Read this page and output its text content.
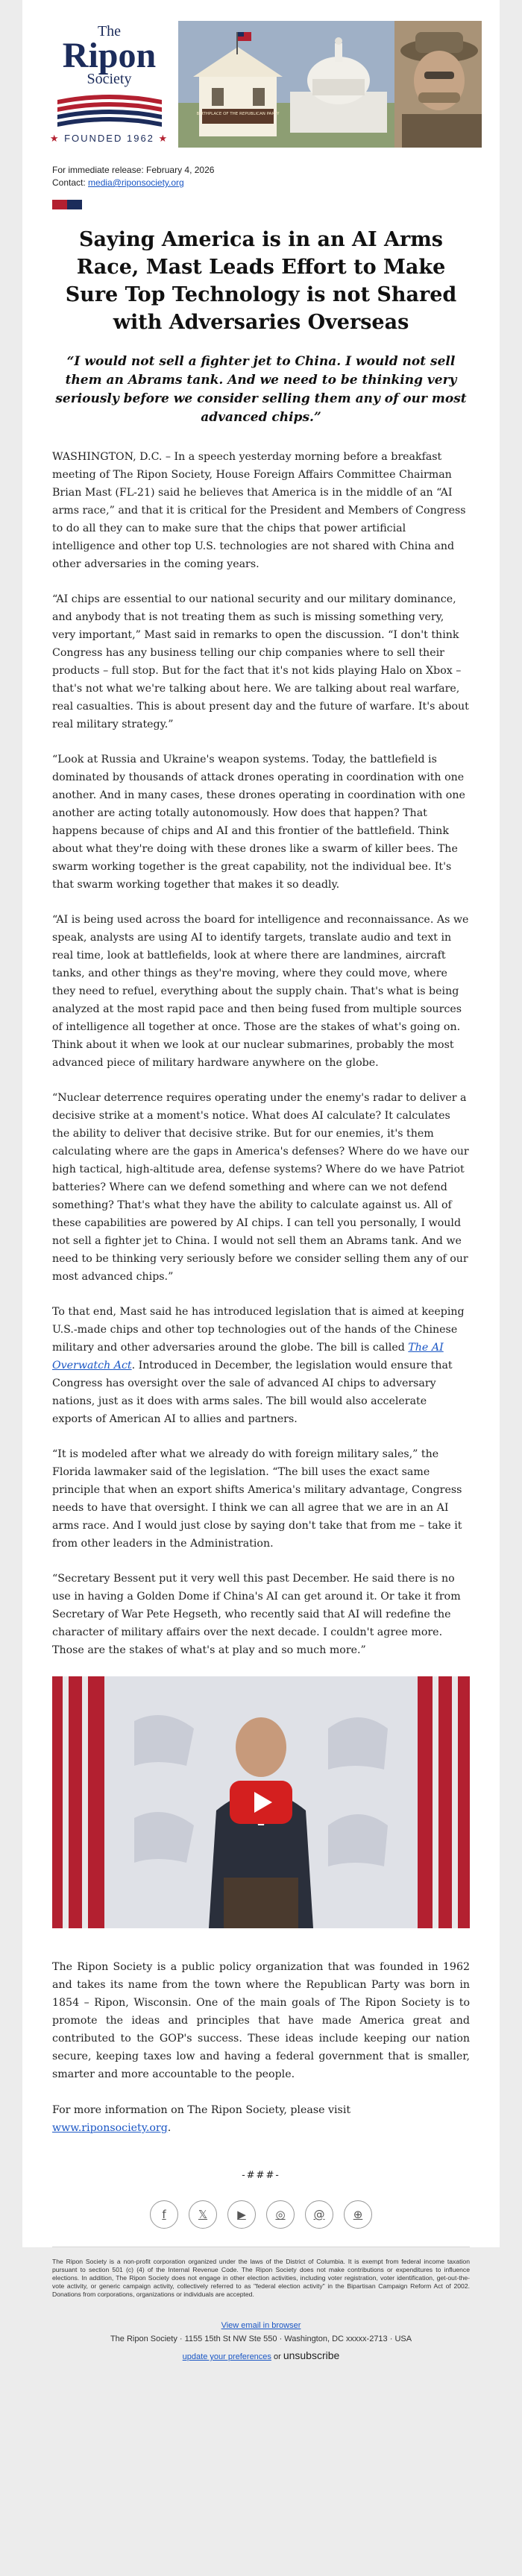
The
Ripon
Society
★ FOUNDED 1962 ★
BIRTHPLACE OF THE REPUBLICAN PARTY
For immediate release: February 4, 2026
Contact: media@riponsociety.org
Saying America is in an AI Arms Race, Mast Leads Effort to Make Sure Top Technology is not Shared with Adversaries Overseas
“I would not sell a fighter jet to China. I would not sell them an Abrams tank. And we need to be thinking very seriously before we consider selling them any of our most advanced chips.”

WASHINGTON, D.C. – In a speech yesterday morning before a breakfast meeting of The Ripon Society, House Foreign Affairs Committee Chairman Brian Mast (FL-21) said he believes that America is in the middle of an “AI arms race,” and that it is critical for the President and Members of Congress to do all they can to make sure that the chips that power artificial intelligence and other top U.S. technologies are not shared with China and other adversaries in the coming years.

“AI chips are essential to our national security and our military dominance, and anybody that is not treating them as such is missing something very, very important,” Mast said in remarks to open the discussion. “I don't think Congress has any business telling our chip companies where to sell their products – full stop. But for the fact that it's not kids playing Halo on Xbox – that's not what we're talking about here. We are talking about real warfare, real casualties. This is about present day and the future of warfare. It's about real military strategy.”

“Look at Russia and Ukraine's weapon systems. Today, the battlefield is dominated by thousands of attack drones operating in coordination with one another. And in many cases, these drones operating in coordination with one another are acting totally autonomously. How does that happen? That happens because of chips and AI and this frontier of the battlefield. Think about what they're doing with these drones like a swarm of killer bees. The swarm working together is the great capability, not the individual bee. It's that swarm working together that makes it so deadly.

“AI is being used across the board for intelligence and reconnaissance. As we speak, analysts are using AI to identify targets, translate audio and text in real time, look at battlefields, look at where there are landmines, aircraft tanks, and other things as they're moving, where they could move, where they need to refuel, everything about the supply chain. That's what is being analyzed at the most rapid pace and then being fused from multiple sources of intelligence all together at once. Those are the stakes of what's going on. Think about it when we look at our nuclear submarines, probably the most advanced piece of military hardware anywhere on the globe.

“Nuclear deterrence requires operating under the enemy's radar to deliver a decisive strike at a moment's notice. What does AI calculate? It calculates the ability to deliver that decisive strike. But for our enemies, it's them calculating where are the gaps in America's defenses? Where do we have our high tactical, high-altitude area, defense systems? Where do we have Patriot batteries? Where can we defend something and where can we not defend something? That's what they have the ability to calculate against us. All of these capabilities are powered by AI chips. I can tell you personally, I would not sell a fighter jet to China. I would not sell them an Abrams tank. And we need to be thinking very seriously before we consider selling them any of our most advanced chips.”

To that end, Mast said he has introduced legislation that is aimed at keeping U.S.-made chips and other top technologies out of the hands of the Chinese military and other adversaries around the globe. The bill is called The AI Overwatch Act. Introduced in December, the legislation would ensure that Congress has oversight over the sale of advanced AI chips to adversary nations, just as it does with arms sales. The bill would also accelerate exports of American AI to allies and partners.

“It is modeled after what we already do with foreign military sales,” the Florida lawmaker said of the legislation. “The bill uses the exact same principle that when an export shifts America's military advantage, Congress needs to have that oversight. I think we can all agree that we are in an AI arms race. And I would just close by saying don't take that from me – take it from other leaders in the Administration.

“Secretary Bessent put it very well this past December. He said there is no use in having a Golden Dome if China's AI can get around it. Or take it from Secretary of War Pete Hegseth, who recently said that AI will redefine the character of military affairs over the next decade. I couldn't agree more. Those are the stakes of what's at play and so much more.”

The Ripon Society is a public policy organization that was founded in 1962 and takes its name from the town where the Republican Party was born in 1854 – Ripon, Wisconsin. One of the main goals of The Ripon Society is to promote the ideas and principles that have made America great and contributed to the GOP's success. These ideas include keeping our nation secure, keeping taxes low and having a federal government that is smaller, smarter and more accountable to the people.
For more information on The Ripon Society, please visit
www.riponsociety.org.
-###-
f	𝕏	▶	◎	@	⊕
The Ripon Society is a non-profit corporation organized under the laws of the District of Columbia. It is exempt from federal income taxation pursuant to section 501 (c) (4) of the Internal Revenue Code. The Ripon Society does not make contributions or expenditures to influence elections. In addition, The Ripon Society does not engage in other election activities, including voter registration, voter identification, get-out-the-vote activity, or generic campaign activity, collectively referred to as "federal election activity" in the Bipartisan Campaign Reform Act of 2002. Donations from corporations, organizations or individuals are accepted.
View email in browser
The Ripon Society · 1155 15th St NW Ste 550 · Washington, DC xxxxx-2713 · USA
update your preferences or unsubscribe
